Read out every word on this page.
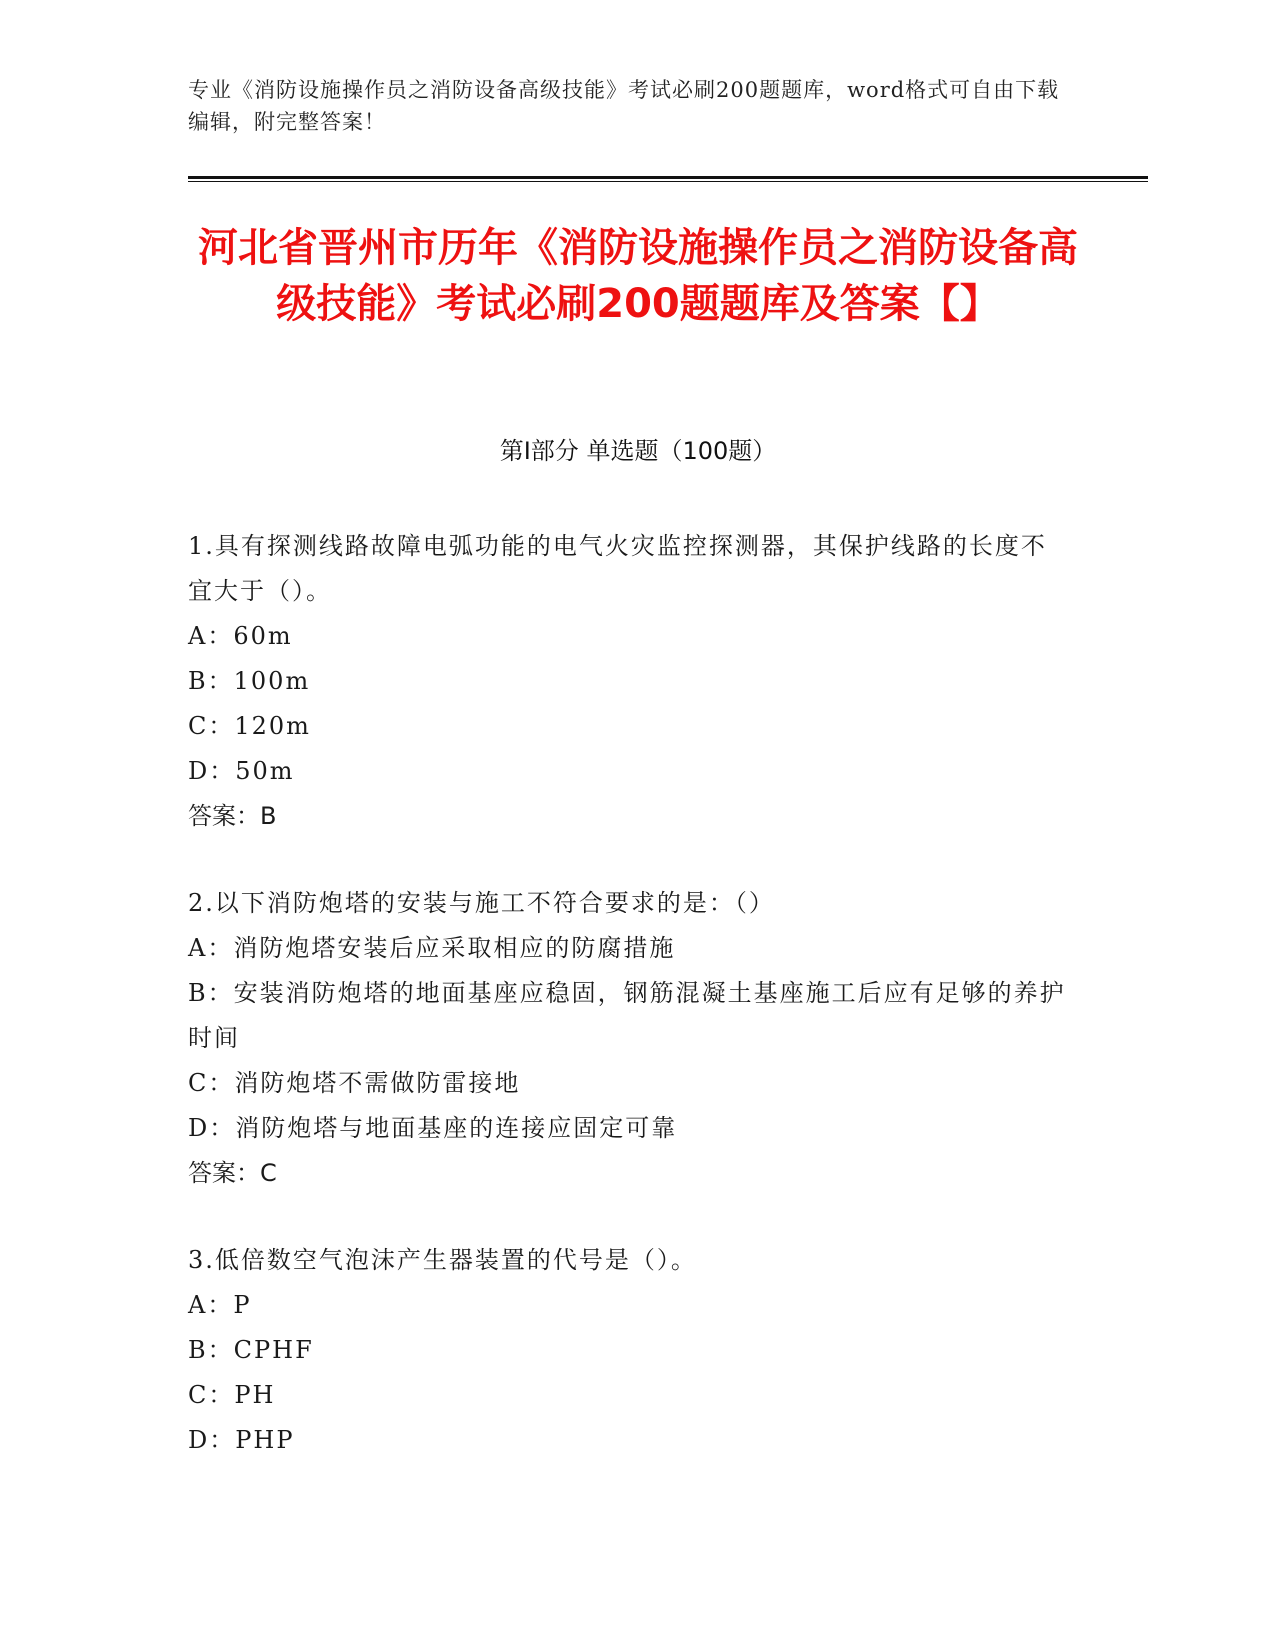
专业《消防设施操作员之消防设备高级技能》考试必刷200题题库，word格式可自由下载编辑，附完整答案！
河北省晋州市历年《消防设施操作员之消防设备高级技能》考试必刷200题题库及答案【】
第I部分 单选题（100题）

1.具有探测线路故障电弧功能的电气火灾监控探测器，其保护线路的长度不宜大于（）。

A：60m

B：100m

C：120m

D：50m

答案：B

2.以下消防炮塔的安装与施工不符合要求的是：（）

A：消防炮塔安装后应采取相应的防腐措施

B：安装消防炮塔的地面基座应稳固，钢筋混凝土基座施工后应有足够的养护时间

C：消防炮塔不需做防雷接地

D：消防炮塔与地面基座的连接应固定可靠

答案：C

3.低倍数空气泡沫产生器装置的代号是（）。

A：P

B：CPHF

C：PH

D：PHP
